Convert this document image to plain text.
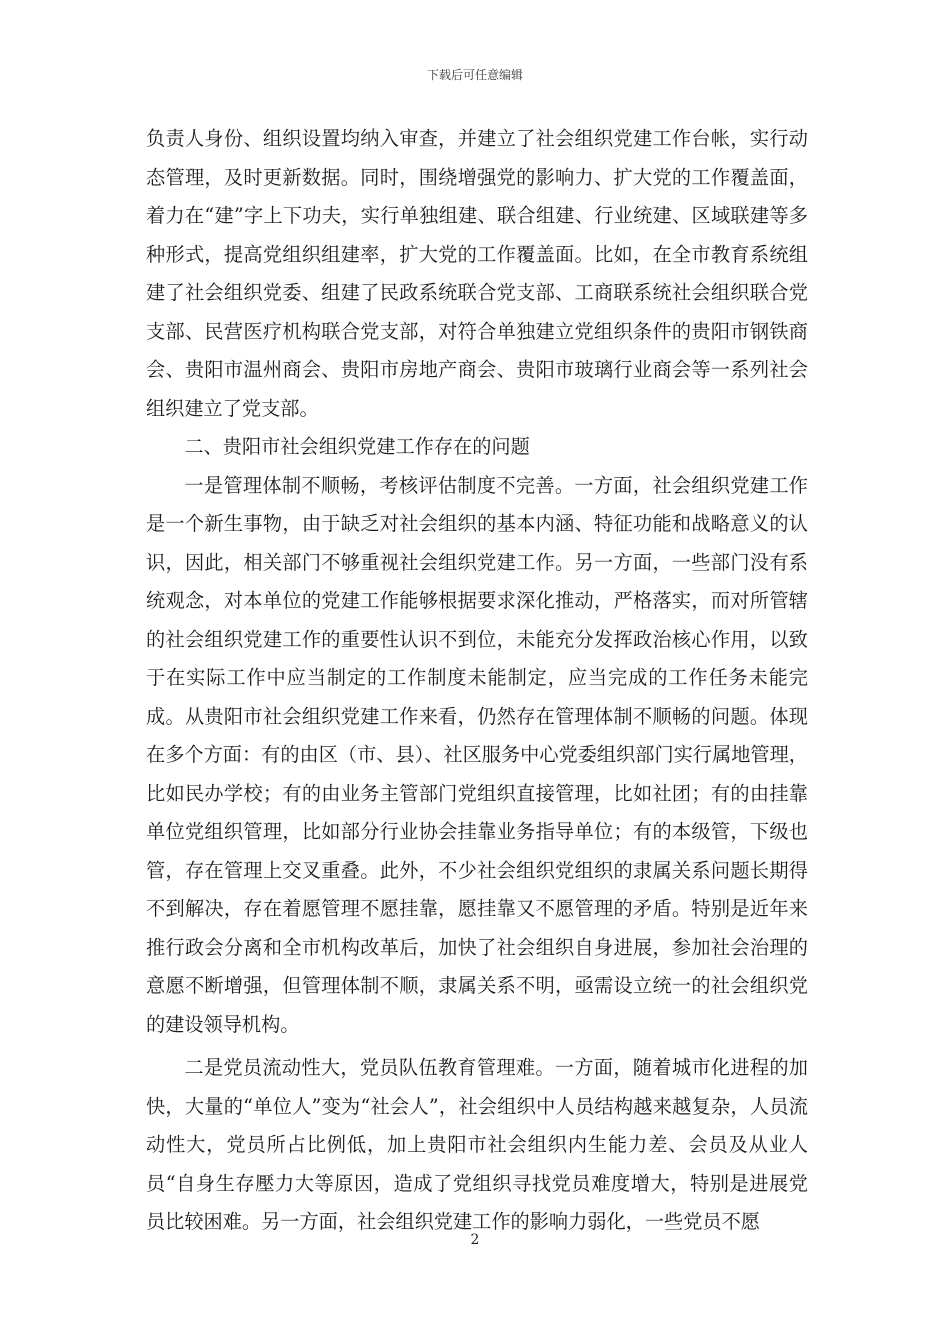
下载后可任意编辑

负责人身份、组织设置均纳入审查，并建立了社会组织党建工作台帐，实行动态管理，及时更新数据。同时，围绕增强党的影响力、扩大党的工作覆盖面，着力在“建”字上下功夫，实行单独组建、联合组建、行业统建、区域联建等多种形式，提高党组织组建率，扩大党的工作覆盖面。比如，在全市教育系统组建了社会组织党委、组建了民政系统联合党支部、工商联系统社会组织联合党支部、民营医疗机构联合党支部，对符合单独建立党组织条件的贵阳市钢铁商会、贵阳市温州商会、贵阳市房地产商会、贵阳市玻璃行业商会等一系列社会组织建立了党支部。

二、贵阳市社会组织党建工作存在的问题

一是管理体制不顺畅，考核评估制度不完善。一方面，社会组织党建工作是一个新生事物，由于缺乏对社会组织的基本内涵、特征功能和战略意义的认识，因此，相关部门不够重视社会组织党建工作。另一方面，一些部门没有系统观念，对本单位的党建工作能够根据要求深化推动，严格落实，而对所管辖的社会组织党建工作的重要性认识不到位，未能充分发挥政治核心作用，以致于在实际工作中应当制定的工作制度未能制定，应当完成的工作任务未能完成。从贵阳市社会组织党建工作来看，仍然存在管理体制不顺畅的问题。体现在多个方面：有的由区（市、县）、社区服务中心党委组织部门实行属地管理，比如民办学校；有的由业务主管部门党组织直接管理，比如社团；有的由挂靠单位党组织管理，比如部分行业协会挂靠业务指导单位；有的本级管，下级也管，存在管理上交叉重叠。此外，不少社会组织党组织的隶属关系问题长期得不到解决，存在着愿管理不愿挂靠，愿挂靠又不愿管理的矛盾。特别是近年来推行政会分离和全市机构改革后，加快了社会组织自身进展，参加社会治理的意愿不断增强，但管理体制不顺，隶属关系不明，亟需设立统一的社会组织党的建设领导机构。

二是党员流动性大，党员队伍教育管理难。一方面，随着城市化进程的加快，大量的“单位人”变为“社会人”，社会组织中人员结构越来越复杂，人员流动性大，党员所占比例低，加上贵阳市社会组织内生能力差、会员及从业人员“自身生存壓力大等原因，造成了党组织寻找党员难度增大，特别是进展党员比较困难。另一方面，社会组织党建工作的影响力弱化，一些党员不愿

2
